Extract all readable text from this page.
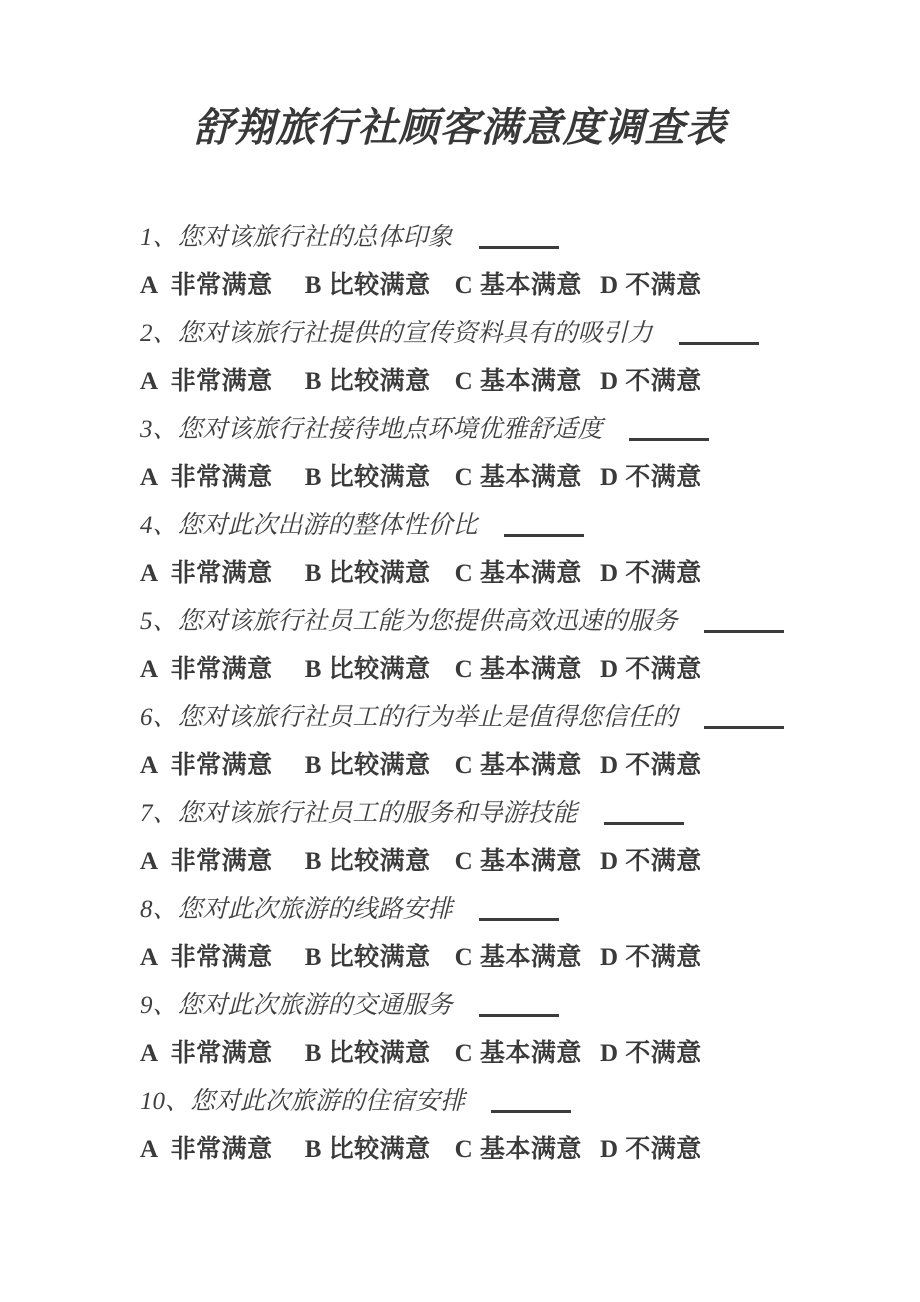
舒翔旅行社顾客满意度调查表
1、您对该旅行社的总体印象
A  非常满意 B 比较满意 C 基本满意 D 不满意
2、您对该旅行社提供的宣传资料具有的吸引力
A  非常满意 B 比较满意 C 基本满意 D 不满意
3、您对该旅行社接待地点环境优雅舒适度
A  非常满意 B 比较满意 C 基本满意 D 不满意
4、您对此次出游的整体性价比
A  非常满意 B 比较满意 C 基本满意 D 不满意
5、您对该旅行社员工能为您提供高效迅速的服务
A  非常满意 B 比较满意 C 基本满意 D 不满意
6、您对该旅行社员工的行为举止是值得您信任的
A  非常满意 B 比较满意 C 基本满意 D 不满意
7、您对该旅行社员工的服务和导游技能
A  非常满意 B 比较满意 C 基本满意 D 不满意
8、您对此次旅游的线路安排
A  非常满意 B 比较满意 C 基本满意 D 不满意
9、您对此次旅游的交通服务
A  非常满意 B 比较满意 C 基本满意 D 不满意
10、您对此次旅游的住宿安排
A  非常满意 B 比较满意 C 基本满意 D 不满意
